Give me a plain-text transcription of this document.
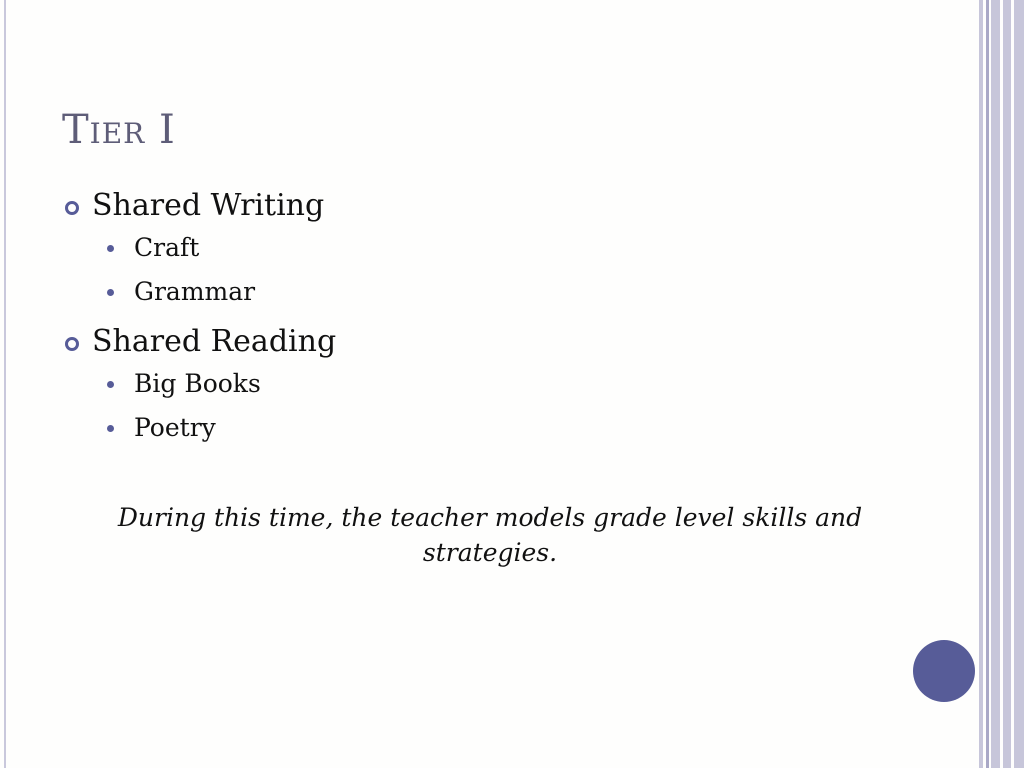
Tier I
Shared Writing
Craft
Grammar
Shared Reading
Big Books
Poetry
During this time, the teacher models grade level skills and strategies.
